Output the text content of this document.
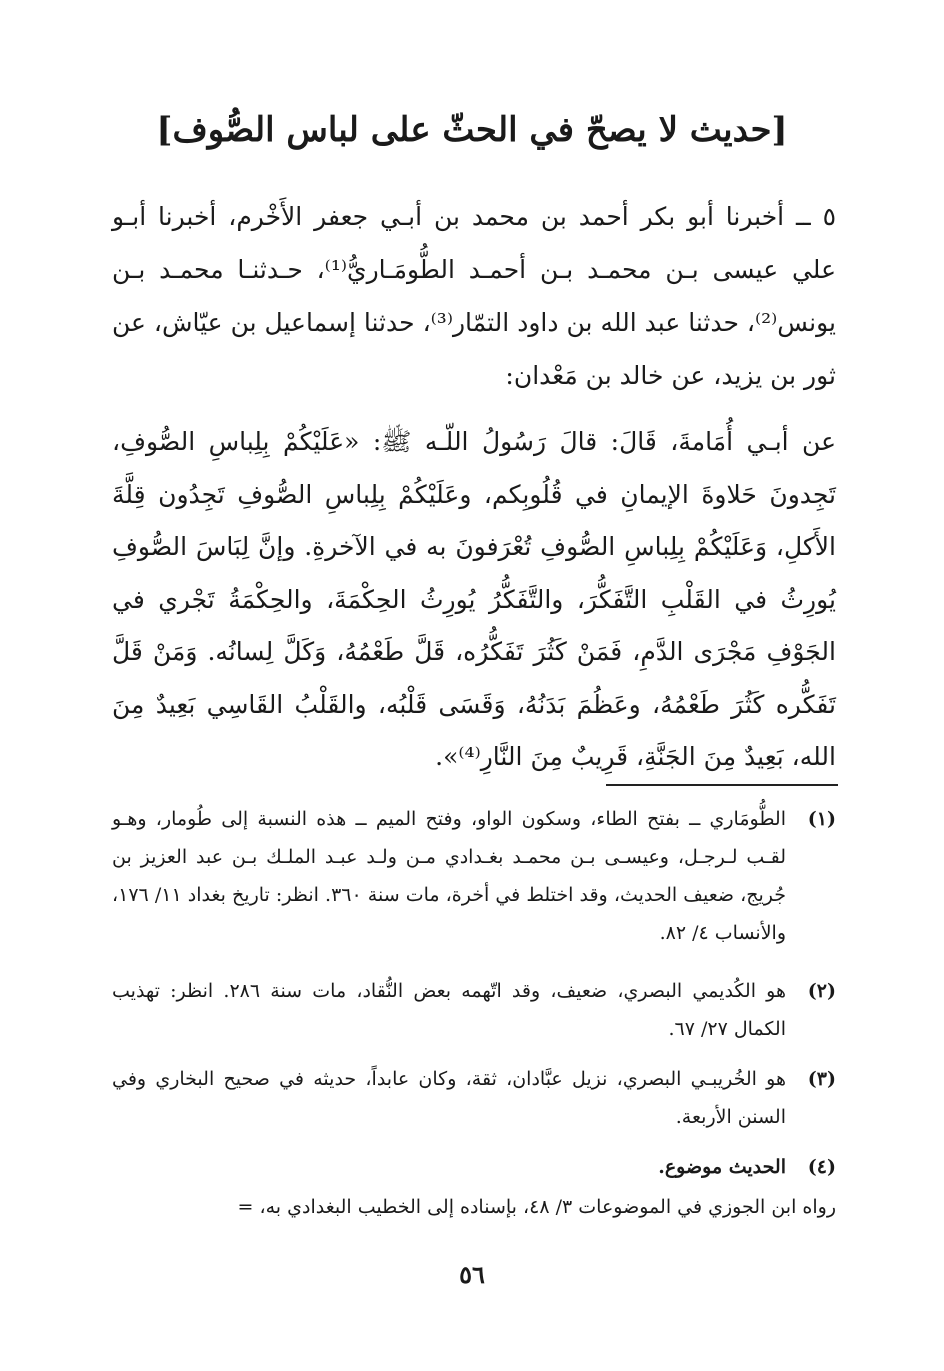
[حديث لا يصحّ في الحثّ على لباس الصُّوف]

٥ ــ أخبرنا أبو بكر أحمد بن محمد بن أبـي جعفر الأَخْرم، أخبرنا أبـو علي عيسى بـن محمـد بـن أحمـد الطُّومَـاريُّ⁽¹⁾، حـدثنـا محمـد بـن يونس⁽²⁾، حدثنا عبد الله بن داود التمّار⁽³⁾، حدثنا إسماعيل بن عيّاش، عن ثور بن يزيد، عن خالد بن مَعْدان:

عن أبـي أُمَامةَ، قَالَ: قالَ رَسُولُ اللّـه ﷺ: «عَلَيْكُمْ بِلِباسِ الصُّوفِ، تَجِدونَ حَلاوةَ الإيمانِ في قُلُوبِكم، وعَلَيْكُمْ بِلِباسِ الصُّوفِ تَجِدُون قِلَّةَ الأَكلِ، وَعَلَيْكُمْ بِلِباسِ الصُّوفِ تُعْرَفونَ به في الآخرةِ. وإنَّ لِبَاسَ الصُّوفِ يُورِثُ في القَلْبِ التَّفَكُّرَ، والتَّفَكُّرُ يُورِثُ الحِكْمَةَ، والحِكْمَةُ تَجْري في الجَوْفِ مَجْرَى الدَّمِ، فَمَنْ كَثُرَ تَفَكُّرُه، قَلَّ طَعْمُهُ، وَكَلَّ لِسانُه. وَمَنْ قَلَّ تَفَكُّره كَثُرَ طَعْمُهُ، وعَظُمَ بَدَنُهُ، وَقَسَى قَلْبُه، والقَلْبُ القَاسِي بَعِيدٌ مِنَ الله، بَعِيدٌ مِنَ الجَنَّةِ، قَرِيبٌ مِنَ النَّارِ⁽⁴⁾».

(١)
الطُّومَاري ــ بفتح الطاء، وسكون الواو، وفتح الميم ــ هذه النسبة إلى طُومار، وهـو لقـب لـرجـل، وعيسـى بـن محمـد بغـدادي مـن ولـد عبـد الملـك بـن عبد العزيز بن جُريج، ضعيف الحديث، وقد اختلط في أخرة، مات سنة ٣٦٠. انظر: تاريخ بغداد ١١/ ١٧٦، والأنساب ٤/ ٨٢.
(٢)
هو الكُديمي البصري، ضعيف، وقد اتّهمه بعض النُّقاد، مات سنة ٢٨٦. انظر: تهذيب الكمال ٢٧/ ٦٧.
(٣)
هو الخُريبـي البصري، نزيل عبَّادان، ثقة، وكان عابداً، حديثه في صحيح البخاري وفي السنن الأربعة.
(٤)
الحديث موضوع.
رواه ابن الجوزي في الموضوعات ٣/ ٤٨، بإسناده إلى الخطيب البغدادي به، =
٥٦
